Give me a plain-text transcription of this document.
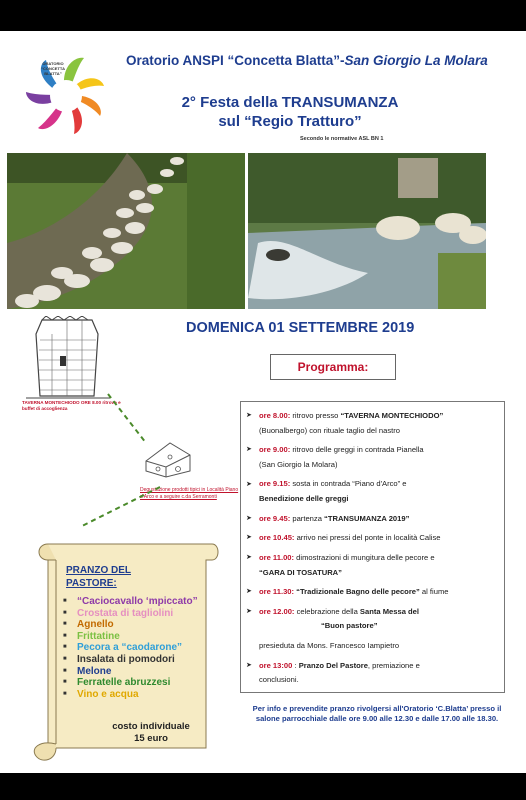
ORATORIO
“CONCETTA BLATTA”
Oratorio ANSPI “Concetta Blatta”-San Giorgio La Molara
2° Festa della TRANSUMANZA
sul “Regio Tratturo”
Secondo le normative ASL BN 1
DOMENICA 01 SETTEMBRE 2019
Programma:
TAVERNA MONTECHIODO ORE 8.00 ritrovo e buffet di accoglienza
Degustazione prodotti tipici in Località Piano d'Arco e a seguire c.da Serramonti
➤ ore 8.00: ritrovo presso “TAVERNA MONTECHIODO”
(Buonalbergo) con rituale taglio del nastro
➤ ore 9.00: ritrovo delle greggi in contrada Pianella
(San Giorgio la Molara)
➤ ore 9.15: sosta in contrada “Piano d'Arco” e
Benedizione delle greggi
➤ ore 9.45: partenza “TRANSUMANZA 2019”
➤ ore 10.45: arrivo nei pressi del ponte in località Calise
➤ ore 11.00: dimostrazioni di mungitura delle pecore e
“GARA DI TOSATURA”
➤ ore 11.30: “Tradizionale Bagno delle pecore” al fiume
➤ ore 12.00: celebrazione della Santa Messa del
“Buon pastore”
presieduta da Mons. Francesco Iampietro
➤ ore 13:00 : Pranzo Del Pastore, premiazione e
conclusioni.
PRANZO DEL PASTORE:
■ “Caciocavallo ‘mpiccato”
■ Crostata di tagliolini
■ Agnello
■ Frittatine
■ Pecora a “caodarone”
■ Insalata di pomodori
■ Melone
■ Ferratelle abruzzesi
■ Vino e acqua
costo individuale
15 euro
Per info e prevendite pranzo rivolgersi all'Oratorio ‘C.Blatta’ presso il salone parrocchiale dalle ore 9.00 alle 12.30 e dalle 17.00 alle 18.30.
